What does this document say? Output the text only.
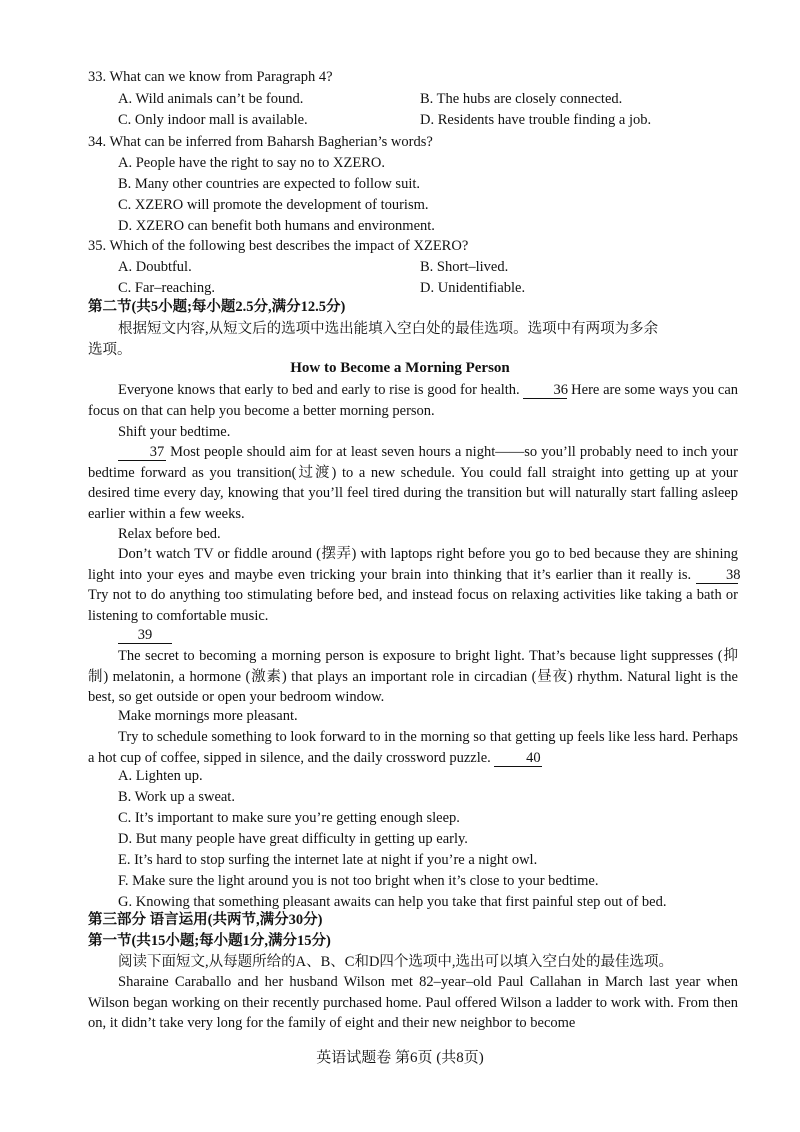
33. What can we know from Paragraph 4?
A. Wild animals can’t be found.	B. The hubs are closely connected.
C. Only indoor mall is available.	D. Residents have trouble finding a job.
34. What can be inferred from Baharsh Bagherian’s words?
A. People have the right to say no to XZERO.
B. Many other countries are expected to follow suit.
C. XZERO will promote the development of tourism.
D. XZERO can benefit both humans and environment.
35. Which of the following best describes the impact of XZERO?
A. Doubtful.	B. Short–lived.
C. Far–reaching.	D. Unidentifiable.
第二节(共5小题;每小题2.5分,满分12.5分)
根据短文内容,从短文后的选项中选出能填入空白处的最佳选项。选项中有两项为多余
选项。
How to Become a Morning Person
Everyone knows that early to bed and early to rise is good for health. 36 Here are some ways you can focus on that can help you become a better morning person.
Shift your bedtime.
37 Most people should aim for at least seven hours a night——so you’ll probably need to inch your bedtime forward as you transition(过渡) to a new schedule. You could fall straight into getting up at your desired time every day, knowing that you’ll feel tired during the transition but will naturally start falling asleep earlier within a few weeks.
Relax before bed.
Don’t watch TV or fiddle around (摆弄) with laptops right before you go to bed because they are shining light into your eyes and maybe even tricking your brain into thinking that it’s earlier than it really is. 38 Try not to do anything too stimulating before bed, and instead focus on relaxing activities like taking a bath or listening to comfortable music.
39
The secret to becoming a morning person is exposure to bright light. That’s because light suppresses (抑制) melatonin, a hormone (激素) that plays an important role in circadian (昼夜) rhythm. Natural light is the best, so get outside or open your bedroom window.
Make mornings more pleasant.
Try to schedule something to look forward to in the morning so that getting up feels like less hard. Perhaps a hot cup of coffee, sipped in silence, and the daily crossword puzzle. 40
A. Lighten up.
B. Work up a sweat.
C. It’s important to make sure you’re getting enough sleep.
D. But many people have great difficulty in getting up early.
E. It’s hard to stop surfing the internet late at night if you’re a night owl.
F. Make sure the light around you is not too bright when it’s close to your bedtime.
G. Knowing that something pleasant awaits can help you take that first painful step out of bed.
第三部分 语言运用(共两节,满分30分)
第一节(共15小题;每小题1分,满分15分)
阅读下面短文,从每题所给的A、B、C和D四个选项中,选出可以填入空白处的最佳选项。
Sharaine Caraballo and her husband Wilson met 82–year–old Paul Callahan in March last year when Wilson began working on their recently purchased home. Paul offered Wilson a ladder to work with. From then on, it didn’t take very long for the family of eight and their new neighbor to become
英语试题卷 第6页 (共8页)
